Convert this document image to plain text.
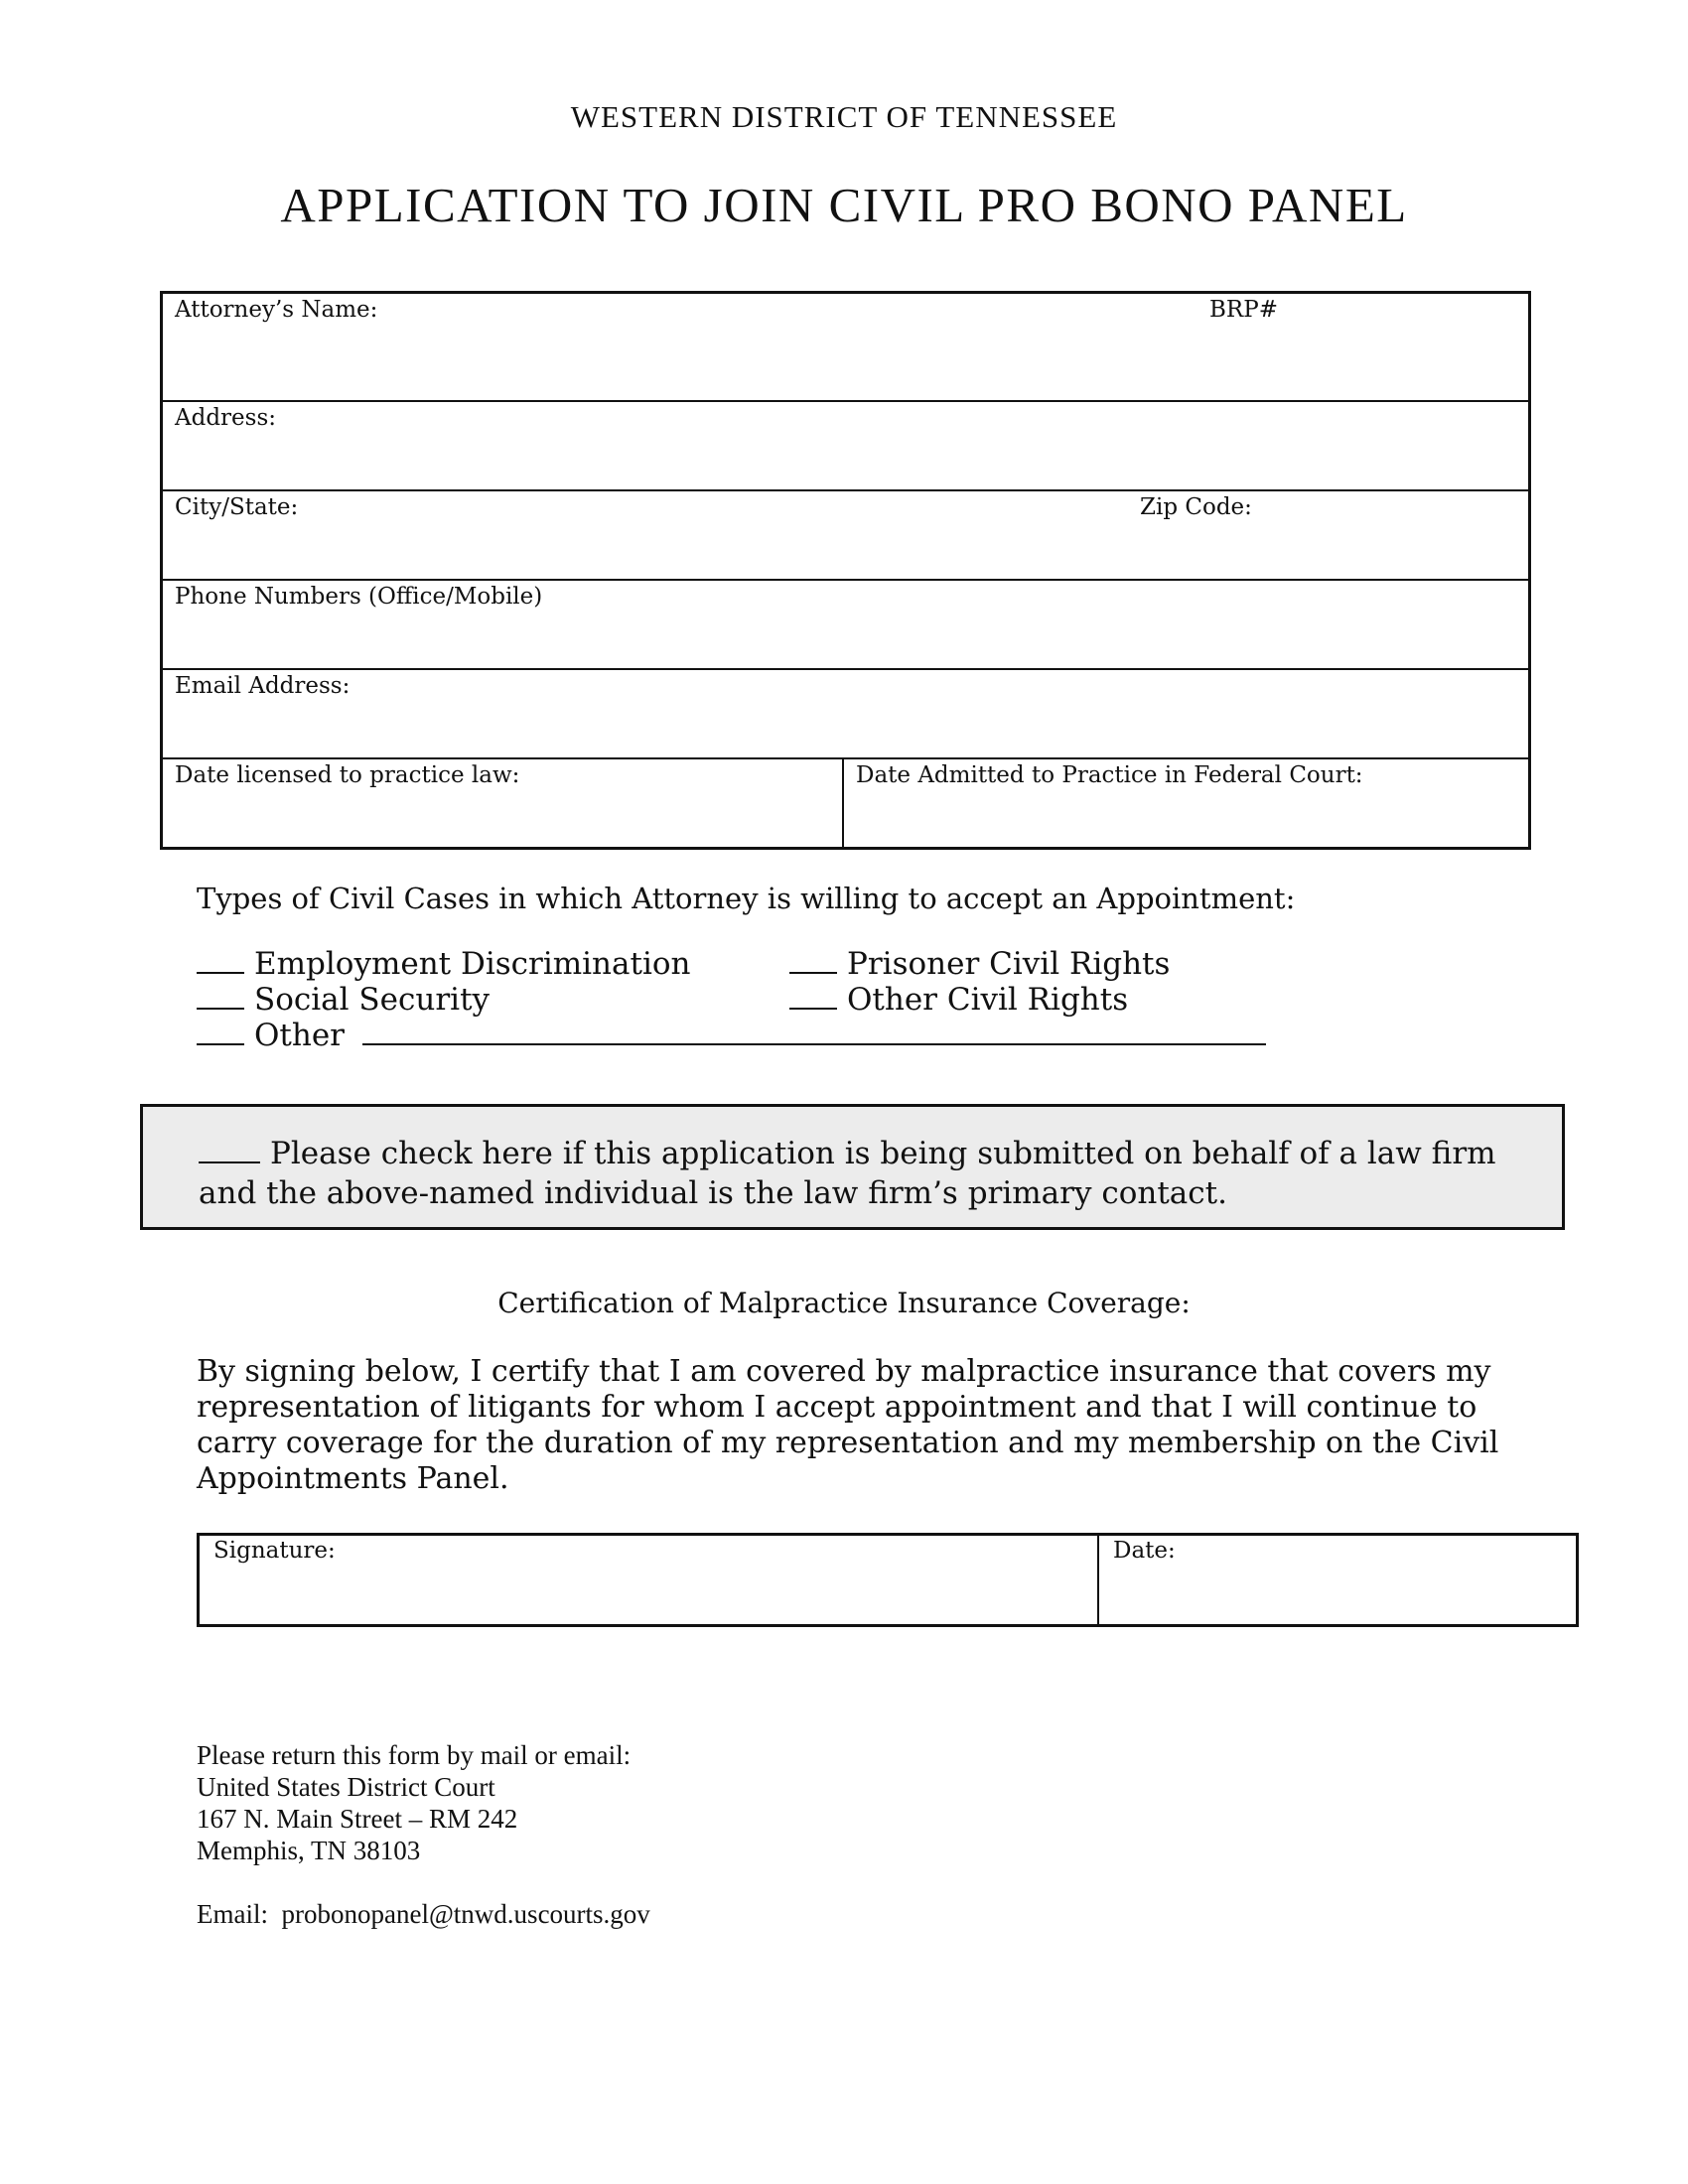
WESTERN DISTRICT OF TENNESSEE
APPLICATION TO JOIN CIVIL PRO BONO PANEL
Attorney’s Name:	BRP#

Address:
City/State:	Zip Code:

Phone Numbers (Office/Mobile)
Email Address:
Date licensed to practice law:	Date Admitted to Practice in Federal Court:
Types of Civil Cases in which Attorney is willing to accept an Appointment:
Employment Discrimination	Prisoner Civil Rights
Social Security	Other Civil Rights
Other
Please check here if this application is being submitted on behalf of a law firm and the above-named individual is the law firm’s primary contact.
Certification of Malpractice Insurance Coverage:
By signing below, I certify that I am covered by malpractice insurance that covers my representation of litigants for whom I accept appointment and that I will continue to carry coverage for the duration of my representation and my membership on the Civil Appointments Panel.
Signature:	Date:
Please return this form by mail or email:
United States District Court
167 N. Main Street – RM 242
Memphis, TN 38103
Email: probonopanel@tnwd.uscourts.gov
